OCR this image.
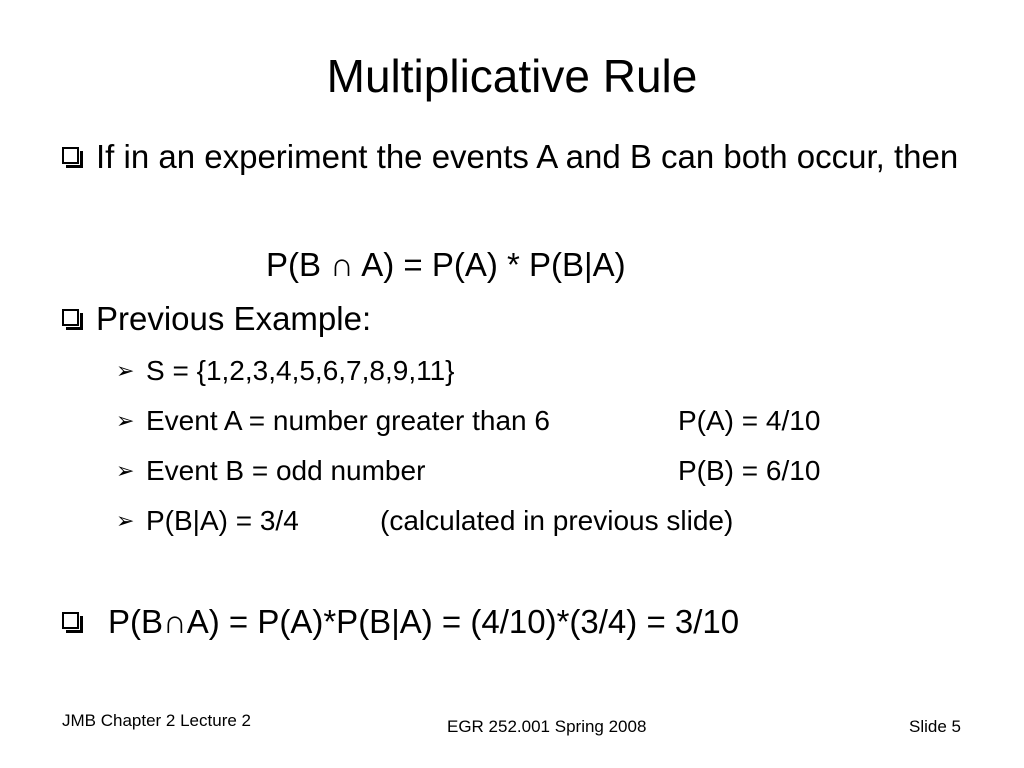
Multiplicative Rule
If in an experiment the events A and B can both occur, then
P(B ∩ A) = P(A) * P(B|A)
Previous Example:
➢ S = {1,2,3,4,5,6,7,8,9,11}
➢ Event A = number greater than 6	P(A) = 4/10
➢ Event B = odd number	P(B) = 6/10
➢ P(B|A) = 3/4	(calculated in previous slide)
P(B∩A) = P(A)*P(B|A) = (4/10)*(3/4) = 3/10
JMB Chapter 2 Lecture 2	EGR 252.001 Spring 2008	Slide 5
